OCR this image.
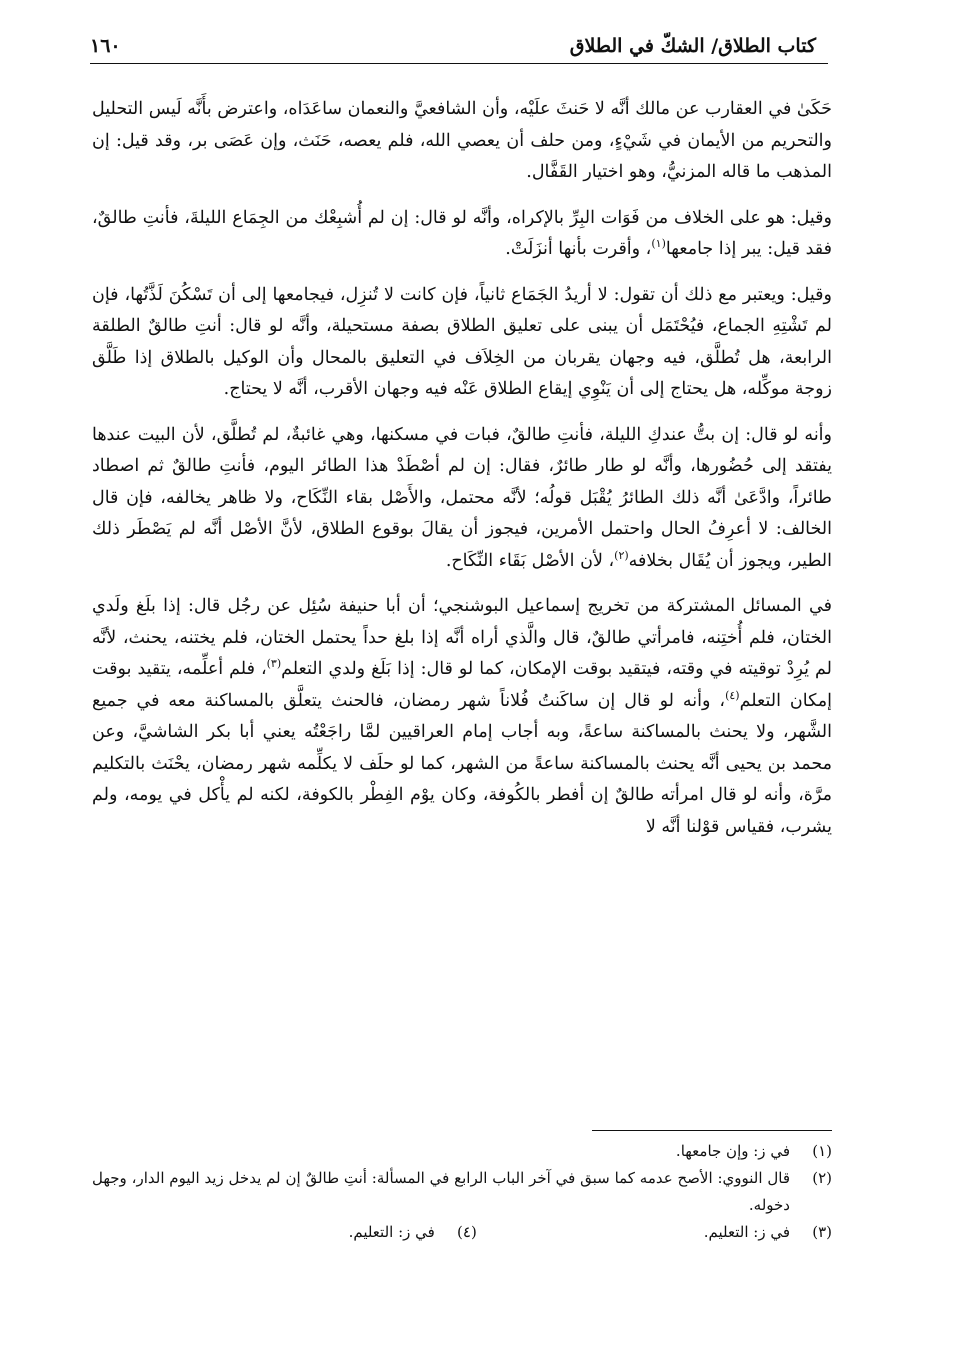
كتاب الطلاق/ الشكّ في الطلاق
١٦٠

حَكَىٰ في العقارب عن مالك أنَّه لا حَنثَ علَيْه، وأن الشافعيَّ والنعمان ساعَدَاه، واعترض بأَنَّه لَيس التحليل والتحريم من الأيمان في شَيْءٍ، ومن حلف أن يعصي الله، فلم يعصه، حَنَث، وإن عَصَى بر، وقد قيل: إن المذهب ما قاله المزنيُّ، وهو اختيار القَفَّال.

وقيل: هو على الخلاف من فَوَات البِرِّ بالإكراه، وأنَّه لو قال: إن لم أُشبِعْك من الجِمَاع الليلةَ، فأنتِ طالقٌ، فقد قيل: يبر إذا جامعها$^{(١)}$، وأقرت بأنها أنزَلَتْ.

وقيل: ويعتبر مع ذلك أن تقول: لا أريدُ الجَمَاع ثانياً، فإن كانت لا تُنزِل، فيجامعها إلى أن تَسْكُنَ لَذَّتُها، فإن لم تَشْتِهِ الجماع، فيُحْتَمَل أن يبنى على تعليق الطلاق بصفة مستحيلة، وأنَّه لو قال: أنتِ طالقٌ الطلقة الرابعة، هل تُطلَّق، فيه وجهان يقربان من الخِلاَف في التعليق بالمحال وأن الوكيل بالطلاق إذا طَلَّق زوجة موكِّله، هل يحتاج إلى أن يَنْوِي إيقاع الطلاق عَنْه فيه وجهان الأقرب، أنَّه لا يحتاج.

وأنه لو قال: إن بتُّ عندكِ الليلة، فأنتِ طالقٌ، فبات في مسكنها، وهي غائبةٌ، لم تُطلَّق، لأن البيت عندها يفتقد إلى حُضُورها، وأنَّه لو طار طائرٌ، فقال: إن لم أصْطَدْ هذا الطائر اليوم، فأنتِ طالقٌ ثم اصطاد طائراً، وادَّعَىٰ أنَّه ذلك الطائرُ يُقْبَل قولُه؛ لأنَّه محتمل، والأَصْل بقاء النِّكَاح، ولا ظاهر يخالفه، فإن قال الخالف: لا أعرِفُ الحال واحتمل الأمرين، فيجوز أن يقالَ بوقوع الطلاق، لأنَّ الأصْل أنَّه لم يَصْطَر ذلك الطير، ويجوز أن يُقَال بخلافه$^{(٢)}$، لأن الأصْل بَقَاء النِّكَاح.

في المسائل المشتركة من تخريج إسماعيل البوشنجي؛ أن أبا حنيفة سُئِل عن رجُل قال: إذا بلَغ ولَدي الختان، فلم أُختِنه، فامرأتي طالقٌ، قال والَّذي أراه أنَّه إذا بلغ حداً يحتمل الختان، فلم يختنه، يحنث، لأنَّه لم يُرِدْ توقيته في وقته، فيتقيد بوقت الإمكان، كما لو قال: إذا بَلَغ ولدي التعلم$^{(٣)}$، فلم أعلِّمه، يتقيد بوقت إمكان التعلم$^{(٤)}$، وأنه لو قال إن ساكَنتُ فُلاناً شهر رمضان، فالحنث يتعلَّق بالمساكنة معه في جميع الشَّهر، ولا يحنث بالمساكنة ساعةً، وبه أجاب إمام العراقيين لمَّا راجَعْتُه يعني أبا بكر الشاشيَّ، وعن محمد بن يحيى أنَّه يحنث بالمساكنة ساعةً من الشهر، كما لو حلَف لا يكلِّمه شهر رمضان، يحْنَث بالتكليم مرَّة، وأنه لو قال امرأته طالقٌ إن أفطر بالكُوفة، وكان يوْم الفِطْر بالكوفة، لكنه لم يأْكل في يومه، ولم يشرب، فقياس قوْلنا أنَّه لا

(١)
في ز: وإن جامعها.
(٢)
قال النووي: الأصح عدمه كما سبق في آخر الباب الرابع في المسألة: أنتِ طالقٌ إن لم يدخل زيد اليوم الدار، وجهل دخوله.
(٣)
في ز: التعليم.
(٤)
في ز: التعليم.
